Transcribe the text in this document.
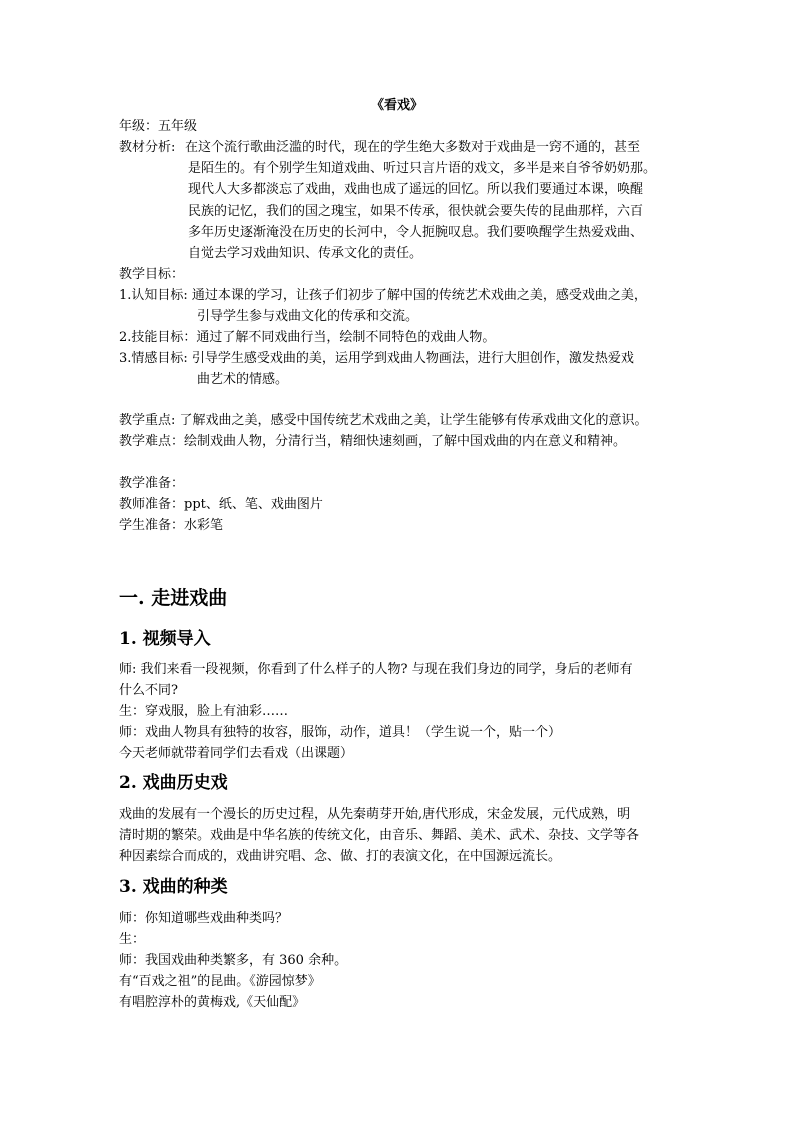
《看戏》
年级：五年级
教材分析: 在这个流行歌曲泛滥的时代，现在的学生绝大多数对于戏曲是一窍不通的，甚至
是陌生的。有个别学生知道戏曲、听过只言片语的戏文，多半是来自爷爷奶奶那。
现代人大多都淡忘了戏曲，戏曲也成了遥远的回忆。所以我们要通过本课，唤醒
民族的记忆，我们的国之瑰宝，如果不传承，很快就会要失传的昆曲那样，六百
多年历史逐渐淹没在历史的长河中，令人扼腕叹息。我们要唤醒学生热爱戏曲、
自觉去学习戏曲知识、传承文化的责任。
教学目标：
1.认知目标: 通过本课的学习，让孩子们初步了解中国的传统艺术戏曲之美，感受戏曲之美，
引导学生参与戏曲文化的传承和交流。
2.技能目标：通过了解不同戏曲行当，绘制不同特色的戏曲人物。
3.情感目标: 引导学生感受戏曲的美，运用学到戏曲人物画法，进行大胆创作，激发热爱戏
曲艺术的情感。
教学重点: 了解戏曲之美，感受中国传统艺术戏曲之美，让学生能够有传承戏曲文化的意识。
教学难点：绘制戏曲人物，分清行当，精细快速刻画，了解中国戏曲的内在意义和精神。
教学准备：
教师准备：ppt、纸、笔、戏曲图片
学生准备：水彩笔
一. 走进戏曲
1. 视频导入

师: 我们来看一段视频，你看到了什么样子的人物? 与现在我们身边的同学，身后的老师有

什么不同?

生：穿戏服，脸上有油彩……

师：戏曲人物具有独特的妆容，服饰，动作，道具！（学生说一个，贴一个）

今天老师就带着同学们去看戏（出课题）

2. 戏曲历史戏

戏曲的发展有一个漫长的历史过程，从先秦萌芽开始,唐代形成，宋金发展，元代成熟，明

清时期的繁荣。戏曲是中华名族的传统文化，由音乐、舞蹈、美术、武术、杂技、文学等各

种因素综合而成的，戏曲讲究唱、念、做、打的表演文化，在中国源远流长。

3. 戏曲的种类

师：你知道哪些戏曲种类吗？

生：

师：我国戏曲种类繁多，有 360 余种。

有“百戏之祖”的昆曲。《游园惊梦》

有唱腔淳朴的黄梅戏,《天仙配》
